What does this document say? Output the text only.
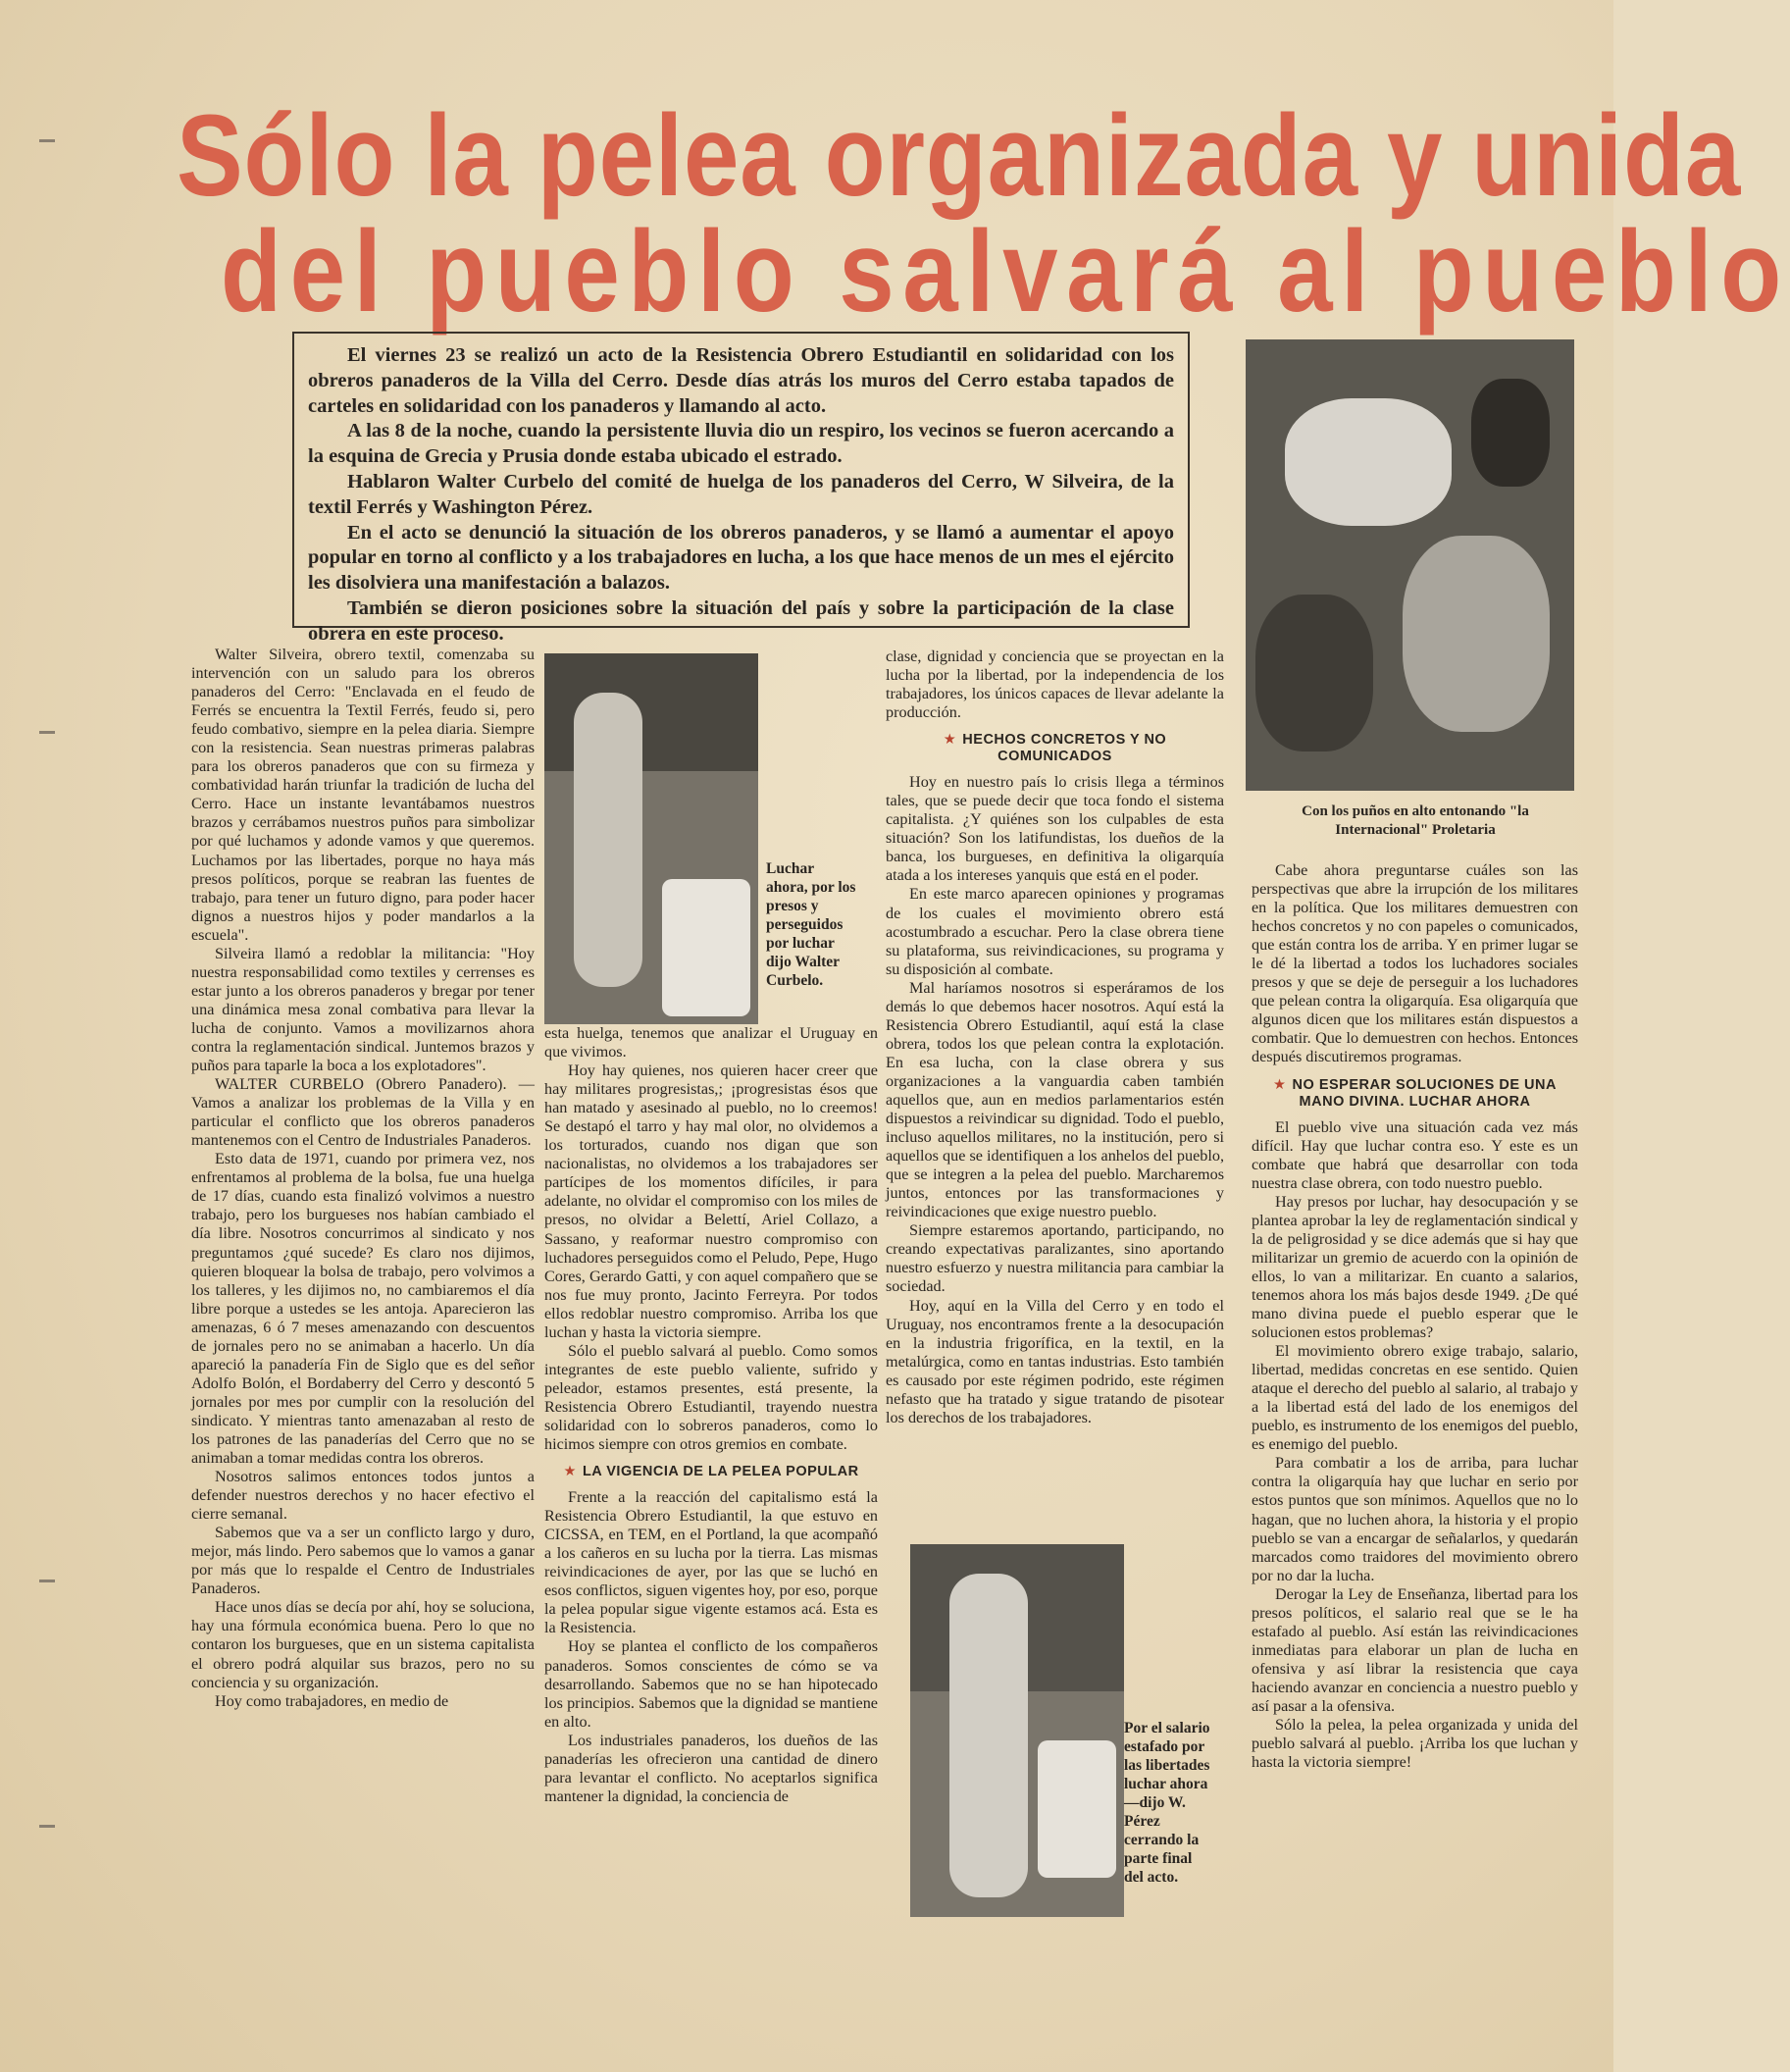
Sólo la pelea organizada y unida
del pueblo salvará al pueblo

El viernes 23 se realizó un acto de la Resistencia Obrero Estudiantil en solidaridad con los obreros panaderos de la Villa del Cerro. Desde días atrás los muros del Cerro estaba tapados de carteles en solidaridad con los panaderos y llamando al acto.

A las 8 de la noche, cuando la persistente lluvia dio un respiro, los vecinos se fueron acercando a la esquina de Grecia y Prusia donde estaba ubicado el estrado.

Hablaron Walter Curbelo del comité de huelga de los panaderos del Cerro, W Silveira, de la textil Ferrés y Washington Pérez.

En el acto se denunció la situación de los obreros panaderos, y se llamó a aumentar el apoyo popular en torno al conflicto y a los trabajadores en lucha, a los que hace menos de un mes el ejército les disolviera una manifestación a balazos.

También se dieron posiciones sobre la situación del país y sobre la participación de la clase obrera en este proceso.

Con los puños en alto entonando "la Internacional" Proletaria
Luchar ahora, por los presos y perseguidos por luchar dijo Walter Curbelo.
Por el salario estafado por las libertades luchar ahora —dijo W. Pérez cerrando la parte final del acto.

Walter Silveira, obrero textil, comenzaba su intervención con un saludo para los obreros panaderos del Cerro: "Enclavada en el feudo de Ferrés se encuentra la Textil Ferrés, feudo si, pero feudo combativo, siempre en la pelea diaria. Siempre con la resistencia. Sean nuestras primeras palabras para los obreros panaderos que con su firmeza y combatividad harán triunfar la tradición de lucha del Cerro. Hace un instante levantábamos nuestros brazos y cerrábamos nuestros puños para simbolizar por qué luchamos y adonde vamos y que queremos. Luchamos por las libertades, porque no haya más presos políticos, porque se reabran las fuentes de trabajo, para tener un futuro digno, para poder hacer dignos a nuestros hijos y poder mandarlos a la escuela".

Silveira llamó a redoblar la militancia: "Hoy nuestra responsabilidad como textiles y cerrenses es estar junto a los obreros panaderos y bregar por tener una dinámica mesa zonal combativa para llevar la lucha de conjunto. Vamos a movilizarnos ahora contra la reglamentación sindical. Juntemos brazos y puños para taparle la boca a los explotadores".

WALTER CURBELO (Obrero Panadero). — Vamos a analizar los problemas de la Villa y en particular el conflicto que los obreros panaderos mantenemos con el Centro de Industriales Panaderos.

Esto data de 1971, cuando por primera vez, nos enfrentamos al problema de la bolsa, fue una huelga de 17 días, cuando esta finalizó volvimos a nuestro trabajo, pero los burgueses nos habían cambiado el día libre. Nosotros concurrimos al sindicato y nos preguntamos ¿qué sucede? Es claro nos dijimos, quieren bloquear la bolsa de trabajo, pero volvimos a los talleres, y les dijimos no, no cambiaremos el día libre porque a ustedes se les antoja. Aparecieron las amenazas, 6 ó 7 meses amenazando con descuentos de jornales pero no se animaban a hacerlo. Un día apareció la panadería Fin de Siglo que es del señor Adolfo Bolón, el Bordaberry del Cerro y descontó 5 jornales por mes por cumplir con la resolución del sindicato. Y mientras tanto amenazaban al resto de los patrones de las panaderías del Cerro que no se animaban a tomar medidas contra los obreros.

Nosotros salimos entonces todos juntos a defender nuestros derechos y no hacer efectivo el cierre semanal.

Sabemos que va a ser un conflicto largo y duro, mejor, más lindo. Pero sabemos que lo vamos a ganar por más que lo respalde el Centro de Industriales Panaderos.

Hace unos días se decía por ahí, hoy se soluciona, hay una fórmula económica buena. Pero lo que no contaron los burgueses, que en un sistema capitalista el obrero podrá alquilar sus brazos, pero no su conciencia y su organización.

Hoy como trabajadores, en medio de

esta huelga, tenemos que analizar el Uruguay en que vivimos.

Hoy hay quienes, nos quieren hacer creer que hay militares progresistas,; ¡progresistas ésos que han matado y asesinado al pueblo, no lo creemos! Se destapó el tarro y hay mal olor, no olvidemos a los torturados, cuando nos digan que son nacionalistas, no olvidemos a los trabajadores ser partícipes de los momentos difíciles, ir para adelante, no olvidar el compromiso con los miles de presos, no olvidar a Belettí, Ariel Collazo, a Sassano, y reaformar nuestro compromiso con luchadores perseguidos como el Peludo, Pepe, Hugo Cores, Gerardo Gatti, y con aquel compañero que se nos fue muy pronto, Jacinto Ferreyra. Por todos ellos redoblar nuestro compromiso. Arriba los que luchan y hasta la victoria siempre.

Sólo el pueblo salvará al pueblo. Como somos integrantes de este pueblo valiente, sufrido y peleador, estamos presentes, está presente, la Resistencia Obrero Estudiantil, trayendo nuestra solidaridad con lo sobreros panaderos, como lo hicimos siempre con otros gremios en combate.

★ LA VIGENCIA DE LA PELEA POPULAR

Frente a la reacción del capitalismo está la Resistencia Obrero Estudiantil, la que estuvo en CICSSA, en TEM, en el Portland, la que acompañó a los cañeros en su lucha por la tierra. Las mismas reivindicaciones de ayer, por las que se luchó en esos conflictos, siguen vigentes hoy, por eso, porque la pelea popular sigue vigente estamos acá. Esta es la Resistencia.

Hoy se plantea el conflicto de los compañeros panaderos. Somos conscientes de cómo se va desarrollando. Sabemos que no se han hipotecado los principios. Sabemos que la dignidad se mantiene en alto.

Los industriales panaderos, los dueños de las panaderías les ofrecieron una cantidad de dinero para levantar el conflicto. No aceptarlos significa mantener la dignidad, la conciencia de

clase, dignidad y conciencia que se proyectan en la lucha por la libertad, por la independencia de los trabajadores, los únicos capaces de llevar adelante la producción.

★ HECHOS CONCRETOS Y NO COMUNICADOS

Hoy en nuestro país lo crisis llega a términos tales, que se puede decir que toca fondo el sistema capitalista. ¿Y quiénes son los culpables de esta situación? Son los latifundistas, los dueños de la banca, los burgueses, en definitiva la oligarquía atada a los intereses yanquis que está en el poder.

En este marco aparecen opiniones y programas de los cuales el movimiento obrero está acostumbrado a escuchar. Pero la clase obrera tiene su plataforma, sus reivindicaciones, su programa y su disposición al combate.

Mal haríamos nosotros si esperáramos de los demás lo que debemos hacer nosotros. Aquí está la Resistencia Obrero Estudiantil, aquí está la clase obrera, todos los que pelean contra la explotación. En esa lucha, con la clase obrera y sus organizaciones a la vanguardia caben también aquellos que, aun en medios parlamentarios estén dispuestos a reivindicar su dignidad. Todo el pueblo, incluso aquellos militares, no la institución, pero si aquellos que se identifiquen a los anhelos del pueblo, que se integren a la pelea del pueblo. Marcharemos juntos, entonces por las transformaciones y reivindicaciones que exige nuestro pueblo.

Siempre estaremos aportando, participando, no creando expectativas paralizantes, sino aportando nuestro esfuerzo y nuestra militancia para cambiar la sociedad.

Hoy, aquí en la Villa del Cerro y en todo el Uruguay, nos encontramos frente a la desocupación en la industria frigorífica, en la textil, en la metalúrgica, como en tantas industrias. Esto también es causado por este régimen podrido, este régimen nefasto que ha tratado y sigue tratando de pisotear los derechos de los trabajadores.

Cabe ahora preguntarse cuáles son las perspectivas que abre la irrupción de los militares en la política. Que los militares demuestren con hechos concretos y no con papeles o comunicados, que están contra los de arriba. Y en primer lugar se le dé la libertad a todos los luchadores sociales presos y que se deje de perseguir a los luchadores que pelean contra la oligarquía. Esa oligarquía que algunos dicen que los militares están dispuestos a combatir. Que lo demuestren con hechos. Entonces después discutiremos programas.

★ NO ESPERAR SOLUCIONES DE UNA MANO DIVINA. LUCHAR AHORA

El pueblo vive una situación cada vez más difícil. Hay que luchar contra eso. Y este es un combate que habrá que desarrollar con toda nuestra clase obrera, con todo nuestro pueblo.

Hay presos por luchar, hay desocupación y se plantea aprobar la ley de reglamentación sindical y la de peligrosidad y se dice además que si hay que militarizar un gremio de acuerdo con la opinión de ellos, lo van a militarizar. En cuanto a salarios, tenemos ahora los más bajos desde 1949. ¿De qué mano divina puede el pueblo esperar que le solucionen estos problemas?

El movimiento obrero exige trabajo, salario, libertad, medidas concretas en ese sentido. Quien ataque el derecho del pueblo al salario, al trabajo y a la libertad está del lado de los enemigos del pueblo, es instrumento de los enemigos del pueblo, es enemigo del pueblo.

Para combatir a los de arriba, para luchar contra la oligarquía hay que luchar en serio por estos puntos que son mínimos. Aquellos que no lo hagan, que no luchen ahora, la historia y el propio pueblo se van a encargar de señalarlos, y quedarán marcados como traidores del movimiento obrero por no dar la lucha.

Derogar la Ley de Enseñanza, libertad para los presos políticos, el salario real que se le ha estafado al pueblo. Así están las reivindicaciones inmediatas para elaborar un plan de lucha en ofensiva y así librar la resistencia que caya haciendo avanzar en conciencia a nuestro pueblo y así pasar a la ofensiva.

Sólo la pelea, la pelea organizada y unida del pueblo salvará al pueblo. ¡Arriba los que luchan y hasta la victoria siempre!
